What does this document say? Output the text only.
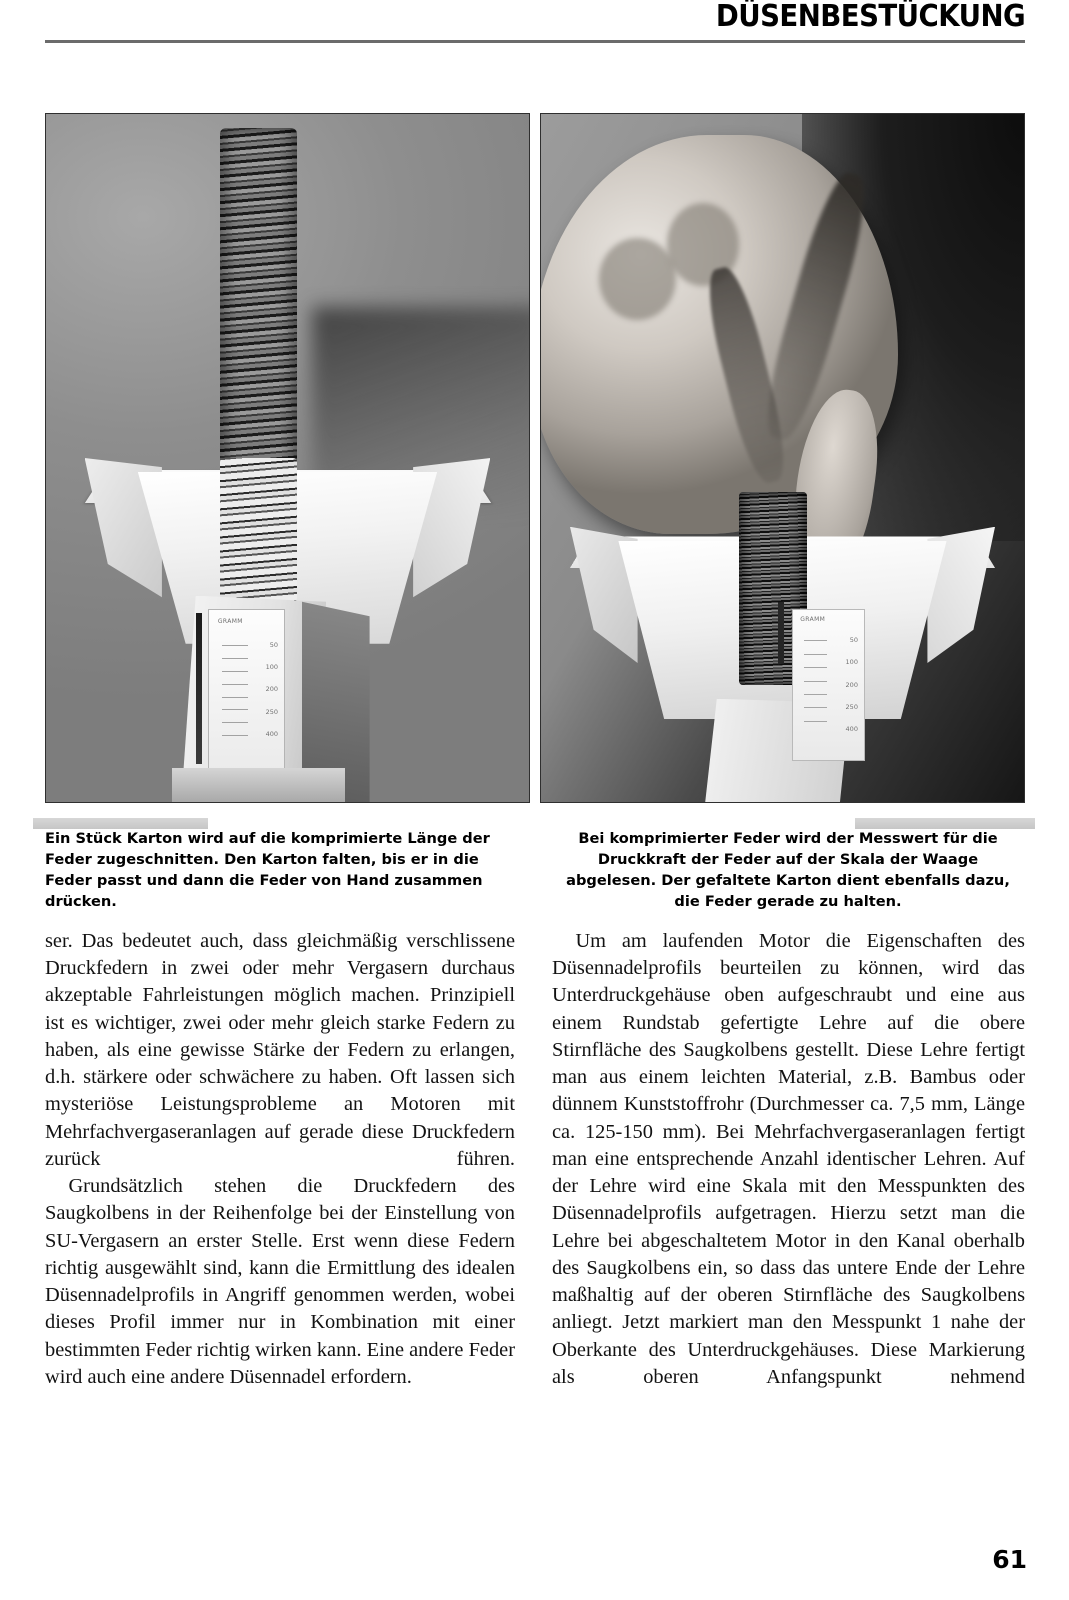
DÜSENBESTÜCKUNG
GRAMM
50
100
200
250
400
GRAMM
50
100
200
250
400
Ein Stück Karton wird auf die komprimierte Länge der Feder zugeschnitten. Den Karton falten, bis er in die Feder passt und dann die Feder von Hand zusammen drücken.
Bei komprimierter Feder wird der Messwert für die Druckkraft der Feder auf der Skala der Waage abgelesen. Der gefaltete Karton dient ebenfalls dazu, die Feder gerade zu halten.

ser. Das bedeutet auch, dass gleichmäßig verschlissene Druckfedern in zwei oder mehr Vergasern durchaus akzeptable Fahrleistungen möglich machen. Prinzipiell ist es wichtiger, zwei oder mehr gleich starke Federn zu haben, als eine gewisse Stärke der Federn zu erlangen, d.h. stärkere oder schwächere zu haben. Oft lassen sich mysteriöse Leistungsprobleme an Motoren mit Mehrfachvergaseranlagen auf gerade diese Druckfedern zurück führen.

Grundsätzlich stehen die Druckfedern des Saugkolbens in der Reihenfolge bei der Einstellung von SU-Vergasern an erster Stelle. Erst wenn diese Federn richtig ausgewählt sind, kann die Ermittlung des idealen Düsennadelprofils in Angriff genommen werden, wobei dieses Profil immer nur in Kombination mit einer bestimmten Feder richtig wirken kann. Eine andere Feder wird auch eine andere Düsennadel erfordern.

Um am laufenden Motor die Eigenschaften des Düsennadelprofils beurteilen zu können, wird das Unterdruckgehäuse oben aufgeschraubt und eine aus einem Rundstab gefertigte Lehre auf die obere Stirnfläche des Saugkolbens gestellt. Diese Lehre fertigt man aus einem leichten Material, z.B. Bambus oder dünnem Kunststoffrohr (Durchmesser ca. 7,5 mm, Länge ca. 125-150 mm). Bei Mehrfachvergaseranlagen fertigt man eine entsprechende Anzahl identischer Lehren. Auf der Lehre wird eine Skala mit den Messpunkten des Düsennadelprofils aufgetragen. Hierzu setzt man die Lehre bei abgeschaltetem Motor in den Kanal oberhalb des Saugkolbens ein, so dass das untere Ende der Lehre maßhaltig auf der oberen Stirnfläche des Saugkolbens anliegt. Jetzt markiert man den Messpunkt 1 nahe der Oberkante des Unterdruckgehäuses. Diese Markierung als oberen Anfangspunkt nehmend

61
